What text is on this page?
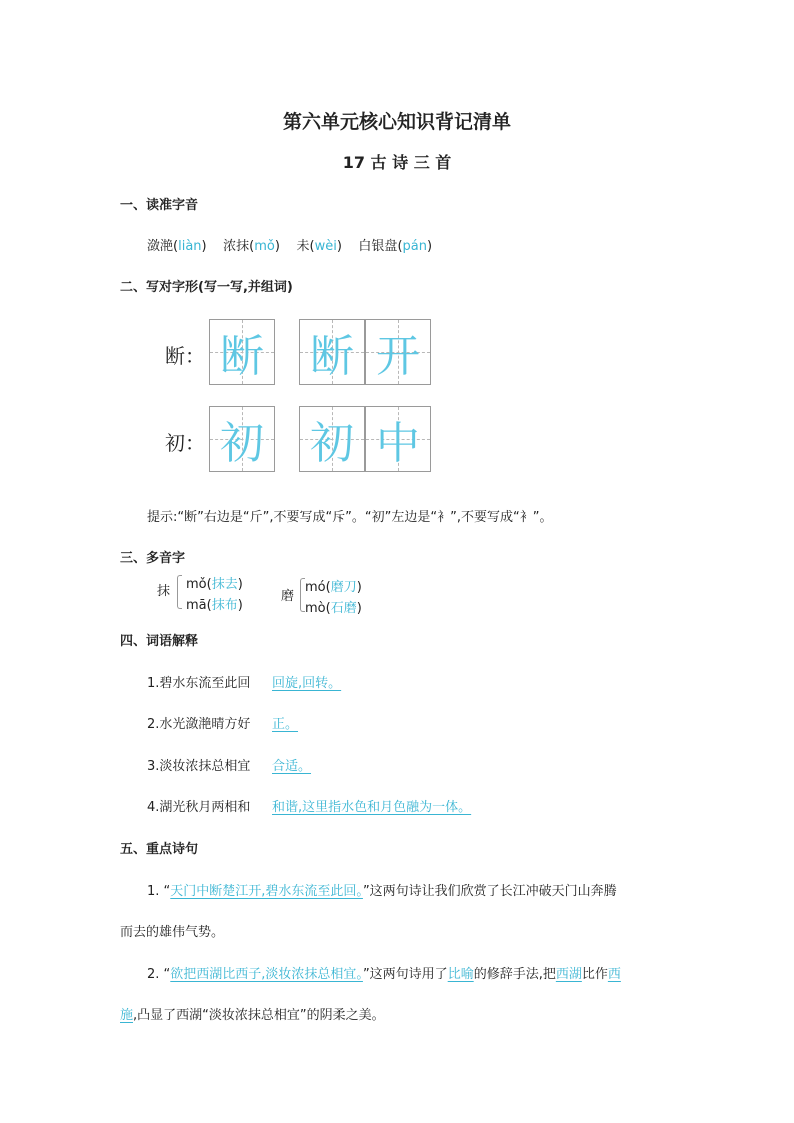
第六单元核心知识背记清单
17 古 诗 三 首
一、读准字音
潋滟(liàn)    浓抹(mǒ)    未(wèi)    白银盘(pán)
二、写对字形(写一写,并组词)
断： 断 断 开
初： 初 初 中
提示:“断”右边是“斤”,不要写成“斥”。“初”左边是“衤”,不要写成“衤”。
三、多音字
抹 mǒ(抹去)
mā(抹布)
磨
mó(磨刀)
mò(石磨)
四、词语解释
1.碧水东流至此回 回旋,回转。
2.水光潋滟晴方好 正。
3.淡妆浓抹总相宜 合适。
4.湖光秋月两相和 和谐,这里指水色和月色融为一体。
五、重点诗句
1. “天门中断楚江开,碧水东流至此回。”这两句诗让我们欣赏了长江冲破天门山奔腾
而去的雄伟气势。
2. “欲把西湖比西子,淡妆浓抹总相宜。”这两句诗用了比喻的修辞手法,把西湖比作西
施,凸显了西湖“淡妆浓抹总相宜”的阴柔之美。
